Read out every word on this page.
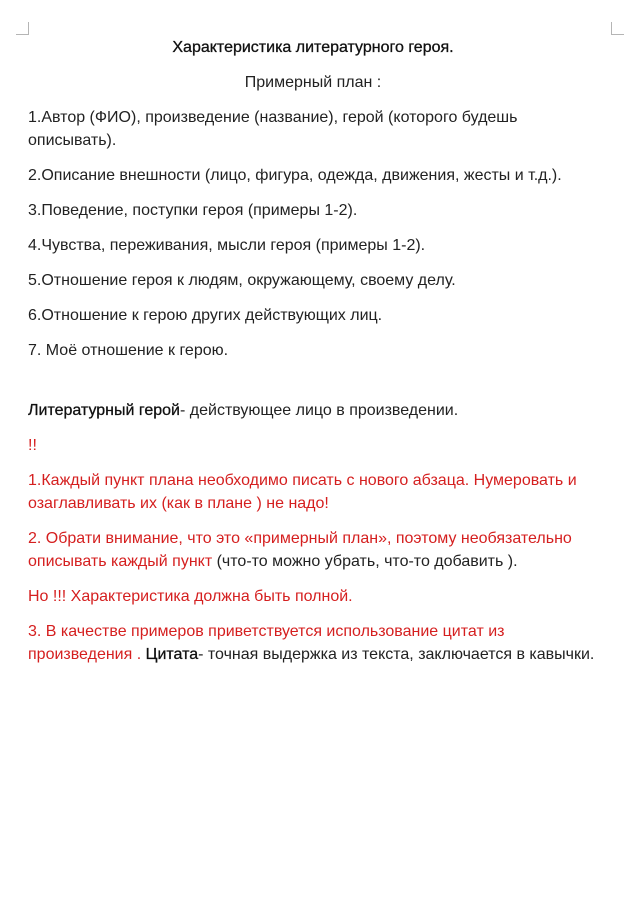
Характеристика литературного героя.
Примерный план :
1.Автор (ФИО), произведение (название), герой (которого будешь описывать).
2.Описание внешности (лицо, фигура, одежда, движения, жесты и т.д.).
3.Поведение, поступки героя (примеры 1-2).
4.Чувства, переживания, мысли героя (примеры 1-2).
5.Отношение героя к людям, окружающему, своему делу.
6.Отношение к герою других действующих лиц.
7. Моё отношение к герою.
Литературный герой- действующее лицо в произведении.
!!
1.Каждый пункт плана необходимо писать с нового абзаца. Нумеровать и озаглавливать их (как в плане ) не надо!
2. Обрати внимание, что это «примерный план», поэтому необязательно описывать каждый пункт (что-то можно убрать, что-то добавить ).
Но !!! Характеристика должна быть полной.
3. В качестве примеров приветствуется использование цитат из произведения . Цитата- точная выдержка из текста, заключается в кавычки.
